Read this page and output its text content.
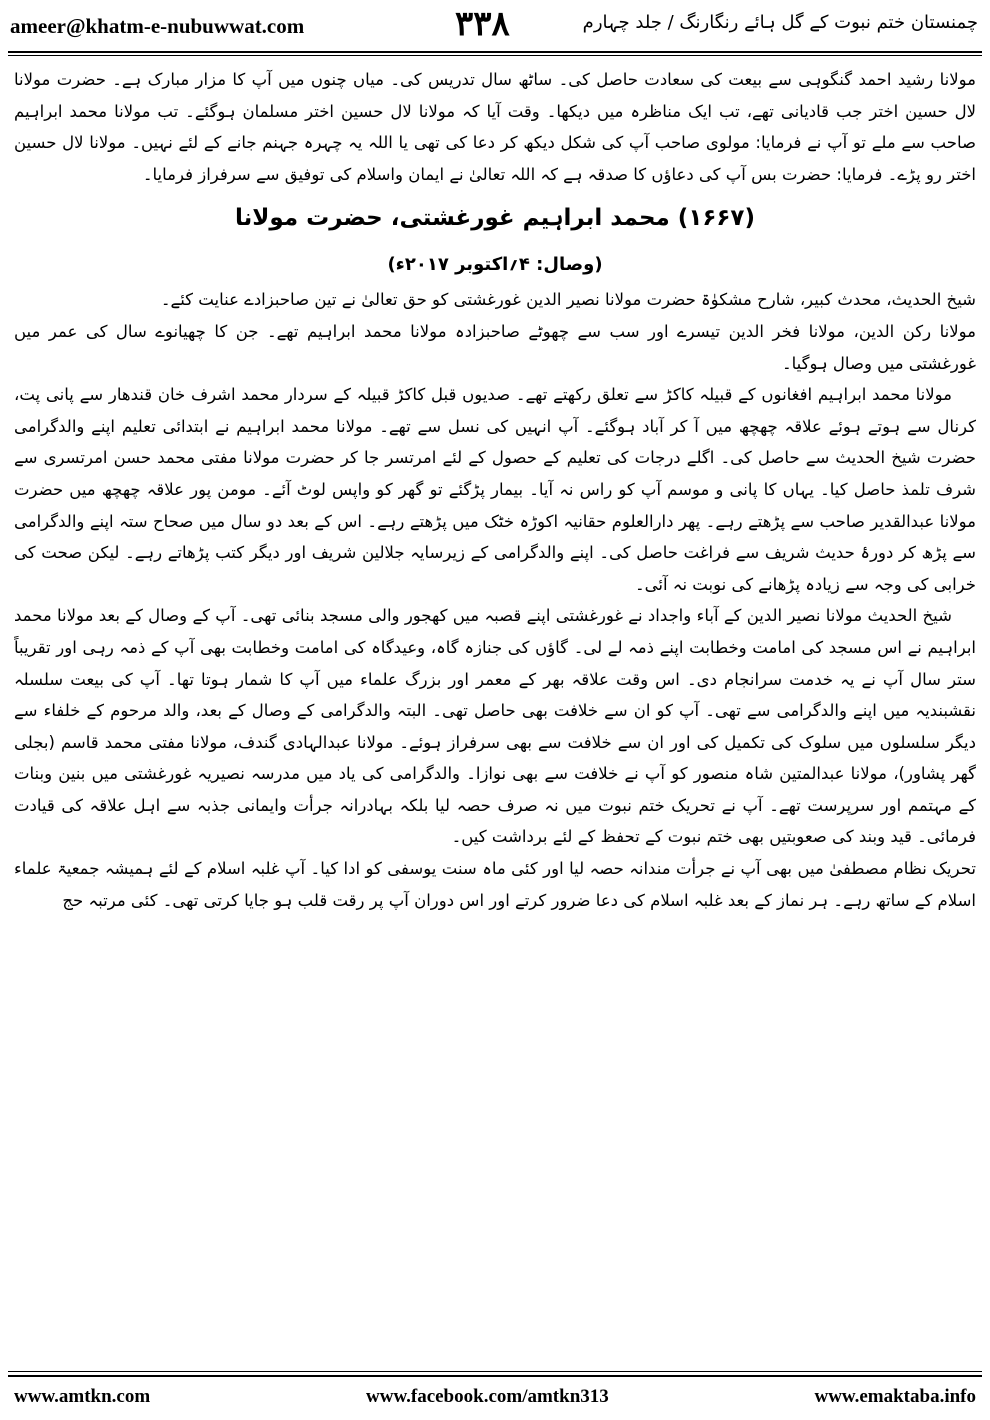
ameer@khatm-e-nubuwwat.com	۳۳۸	چمنستان ختم نبوت کے گل ہائے رنگارنگ / جلد چہارم

مولانا رشید احمد گنگوہی سے بیعت کی سعادت حاصل کی۔ ساٹھ سال تدریس کی۔ میاں چنوں میں آپ کا مزار مبارک ہے۔ حضرت مولانا لال حسین اختر جب قادیانی تھے، تب ایک مناظرہ میں دیکھا۔ وقت آیا کہ مولانا لال حسین اختر مسلمان ہوگئے۔ تب مولانا محمد ابراہیم صاحب سے ملے تو آپ نے فرمایا: مولوی صاحب آپ کی شکل دیکھ کر دعا کی تھی یا اللہ یہ چہرہ جہنم جانے کے لئے نہیں۔ مولانا لال حسین اختر رو پڑے۔ فرمایا: حضرت بس آپ کی دعاؤں کا صدقہ ہے کہ اللہ تعالیٰ نے ایمان واسلام کی توفیق سے سرفراز فرمایا۔

(۱۶۶۷) محمد ابراہیم غورغشتی، حضرت مولانا
(وصال: ۴؍اکتوبر ۲۰۱۷ء)

شیخ الحدیث، محدث کبیر، شارح مشکوٰۃ حضرت مولانا نصیر الدین غورغشتی کو حق تعالیٰ نے تین صاحبزادے عنایت کئے۔

مولانا رکن الدین، مولانا فخر الدین تیسرے اور سب سے چھوٹے صاحبزادہ مولانا محمد ابراہیم تھے۔ جن کا چھیانوے سال کی عمر میں غورغشتی میں وصال ہوگیا۔

مولانا محمد ابراہیم افغانوں کے قبیلہ کاکڑ سے تعلق رکھتے تھے۔ صدیوں قبل کاکڑ قبیلہ کے سردار محمد اشرف خان قندھار سے پانی پت، کرنال سے ہوتے ہوئے علاقہ چھچھ میں آ کر آباد ہوگئے۔ آپ انہیں کی نسل سے تھے۔ مولانا محمد ابراہیم نے ابتدائی تعلیم اپنے والدگرامی حضرت شیخ الحدیث سے حاصل کی۔ اگلے درجات کی تعلیم کے حصول کے لئے امرتسر جا کر حضرت مولانا مفتی محمد حسن امرتسری سے شرف تلمذ حاصل کیا۔ یہاں کا پانی و موسم آپ کو راس نہ آیا۔ بیمار پڑگئے تو گھر کو واپس لوٹ آئے۔ مومن پور علاقہ چھچھ میں حضرت مولانا عبدالقدیر صاحب سے پڑھتے رہے۔ پھر دارالعلوم حقانیہ اکوڑہ خٹک میں پڑھتے رہے۔ اس کے بعد دو سال میں صحاح ستہ اپنے والدگرامی سے پڑھ کر دورۂ حدیث شریف سے فراغت حاصل کی۔ اپنے والدگرامی کے زیرسایہ جلالین شریف اور دیگر کتب پڑھاتے رہے۔ لیکن صحت کی خرابی کی وجہ سے زیادہ پڑھانے کی نوبت نہ آئی۔

شیخ الحدیث مولانا نصیر الدین کے آباء واجداد نے غورغشتی اپنے قصبہ میں کھجور والی مسجد بنائی تھی۔ آپ کے وصال کے بعد مولانا محمد ابراہیم نے اس مسجد کی امامت وخطابت اپنے ذمہ لے لی۔ گاؤں کی جنازہ گاہ، وعیدگاہ کی امامت وخطابت بھی آپ کے ذمہ رہی اور تقریباً ستر سال آپ نے یہ خدمت سرانجام دی۔ اس وقت علاقہ بھر کے معمر اور بزرگ علماء میں آپ کا شمار ہوتا تھا۔ آپ کی بیعت سلسلہ نقشبندیہ میں اپنے والدگرامی سے تھی۔ آپ کو ان سے خلافت بھی حاصل تھی۔ البتہ والدگرامی کے وصال کے بعد، والد مرحوم کے خلفاء سے دیگر سلسلوں میں سلوک کی تکمیل کی اور ان سے خلافت سے بھی سرفراز ہوئے۔ مولانا عبدالہادی گندف، مولانا مفتی محمد قاسم (بجلی گھر پشاور)، مولانا عبدالمتین شاہ منصور کو آپ نے خلافت سے بھی نوازا۔ والدگرامی کی یاد میں مدرسہ نصیریہ غورغشتی میں بنین وبنات کے مہتمم اور سرپرست تھے۔ آپ نے تحریک ختم نبوت میں نہ صرف حصہ لیا بلکہ بہادرانہ جرأت وایمانی جذبہ سے اہل علاقہ کی قیادت فرمائی۔ قید وبند کی صعوبتیں بھی ختم نبوت کے تحفظ کے لئے برداشت کیں۔

تحریک نظام مصطفیٰ میں بھی آپ نے جرأت مندانہ حصہ لیا اور کئی ماہ سنت یوسفی کو ادا کیا۔ آپ غلبہ اسلام کے لئے ہمیشہ جمعیۃ علماء اسلام کے ساتھ رہے۔ ہر نماز کے بعد غلبہ اسلام کی دعا ضرور کرتے اور اس دوران آپ پر رقت قلب ہو جایا کرتی تھی۔ کئی مرتبہ حج

www.amtkn.com	www.facebook.com/amtkn313	www.emaktaba.info
